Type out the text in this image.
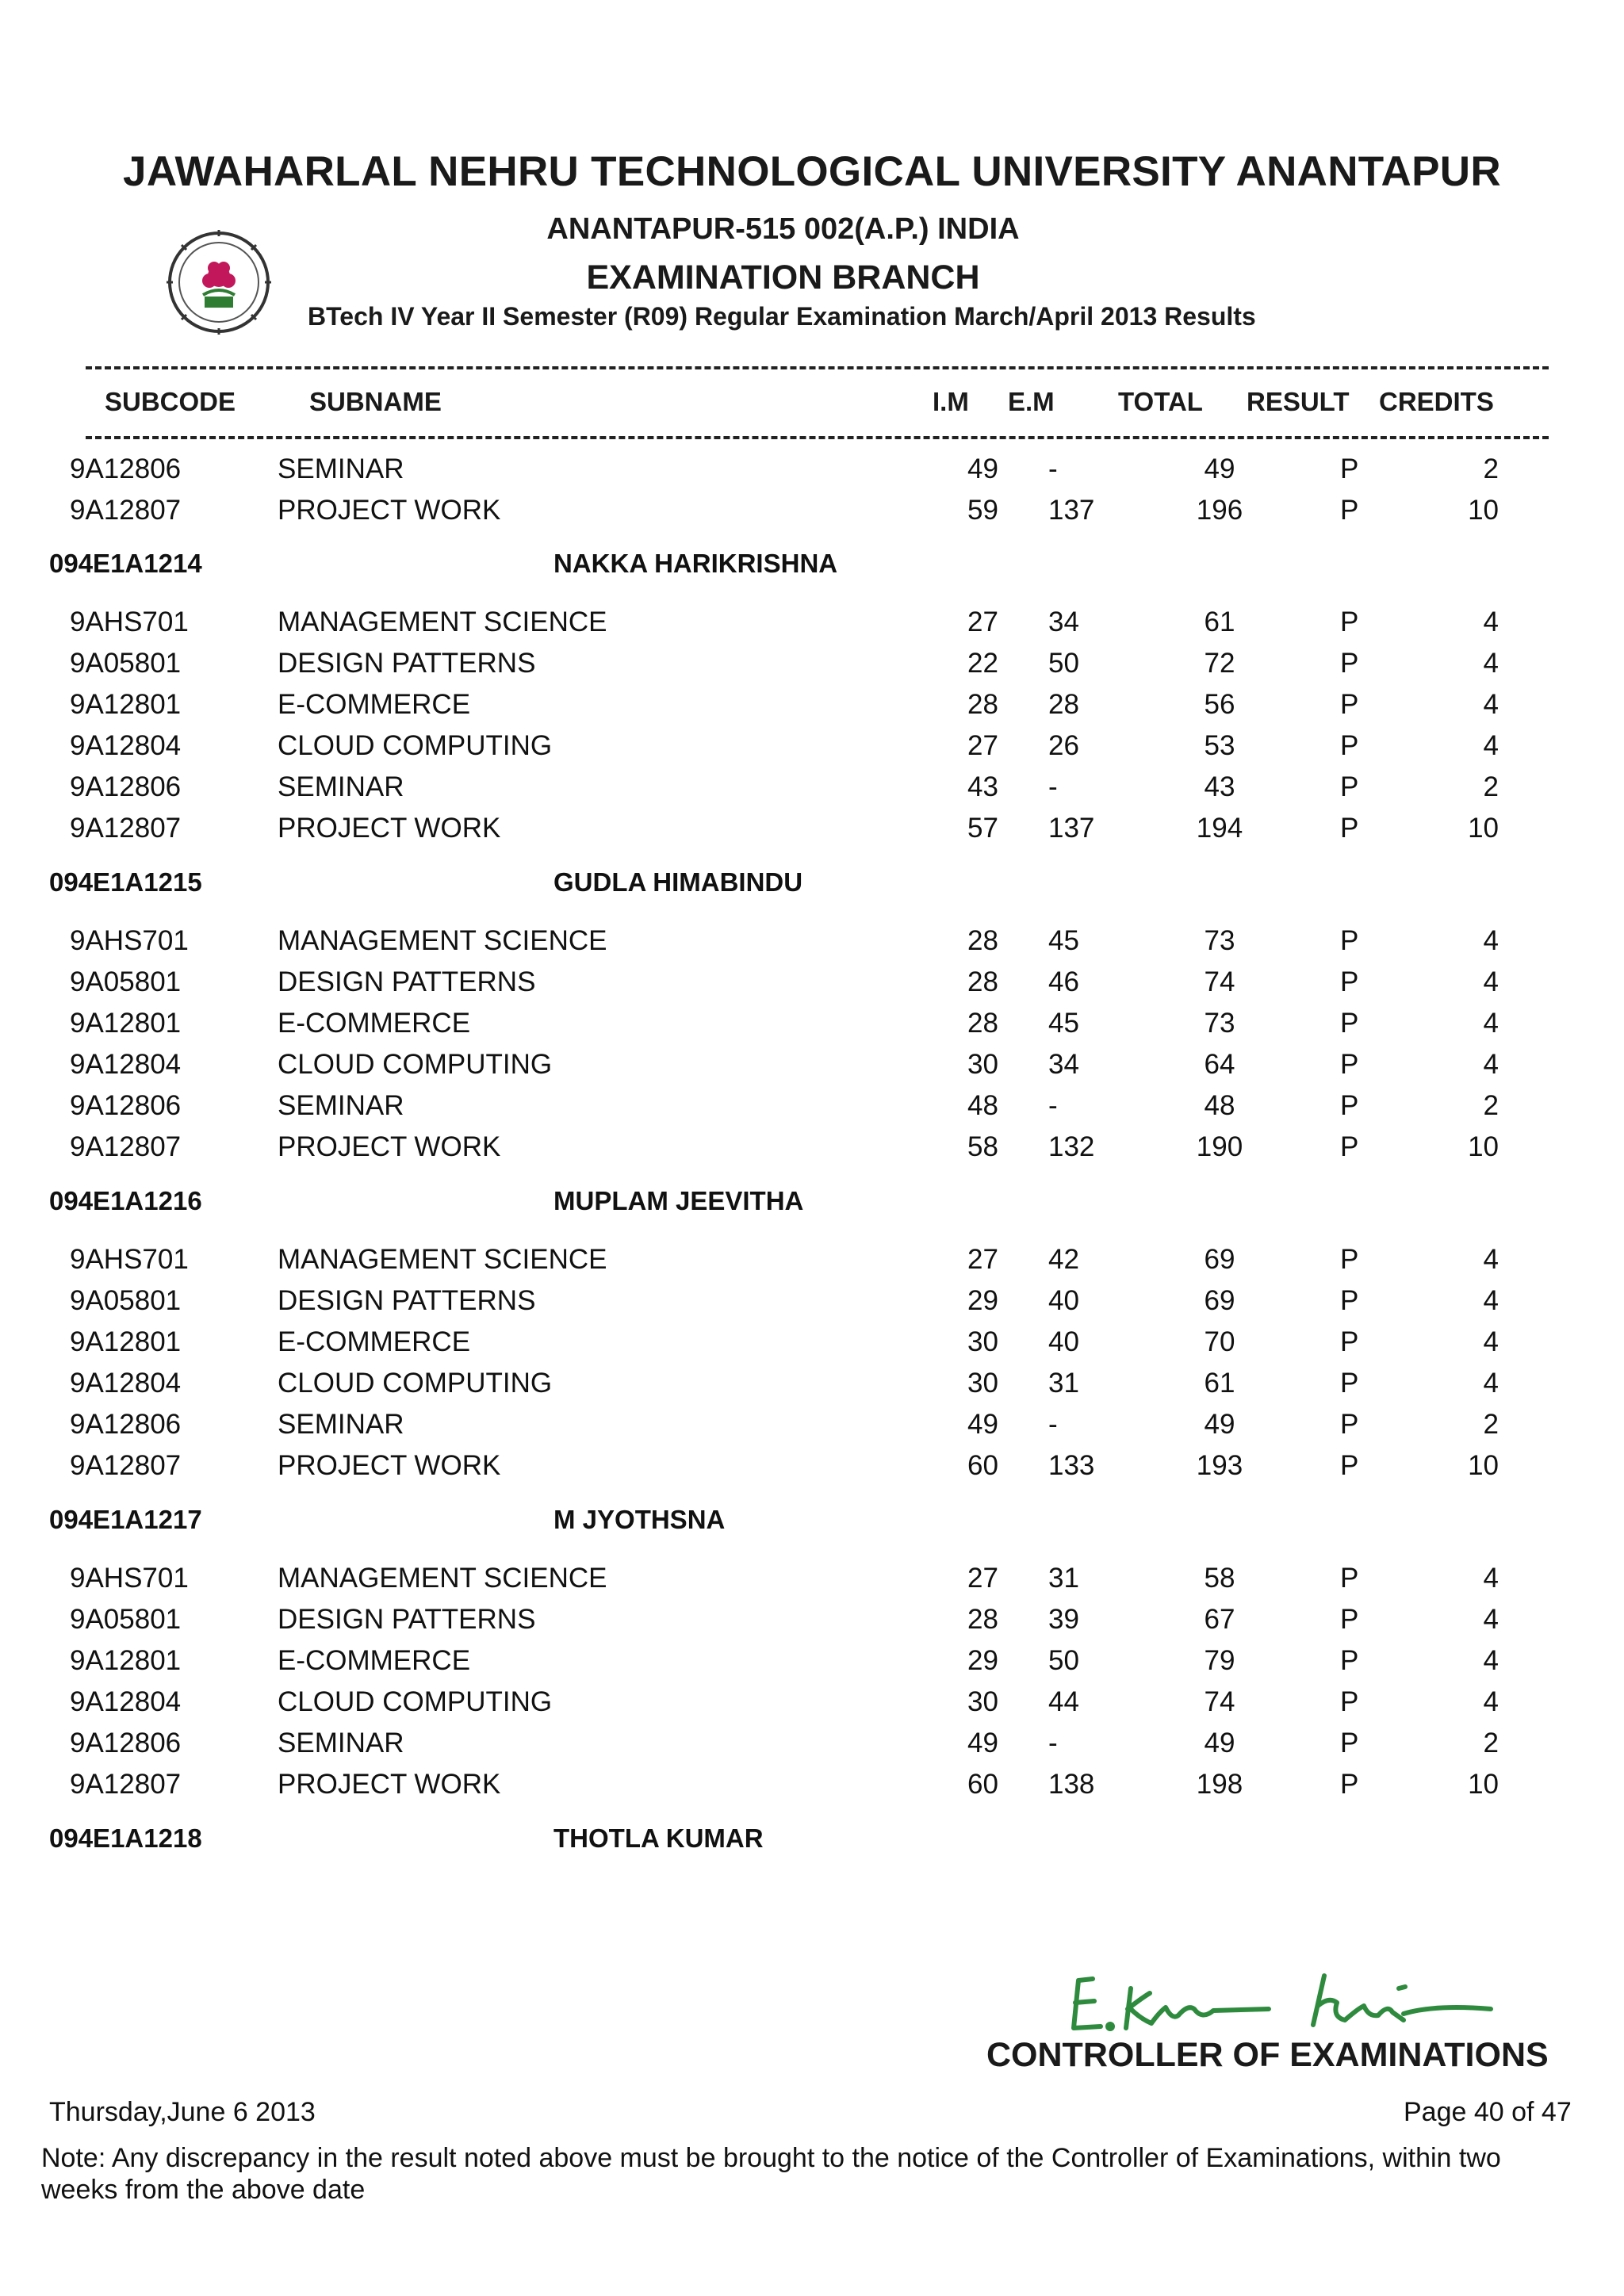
JAWAHARLAL NEHRU TECHNOLOGICAL UNIVERSITY ANANTAPUR
ANANTAPUR-515 002(A.P.) INDIA
EXAMINATION BRANCH
BTech IV Year II Semester (R09) Regular Examination March/April 2013 Results
SUBCODE	SUBNAME	I.M E.M TOTAL RESULT CREDITS
9A12806	SEMINAR	49 -	49	P	2
9A12807	PROJECT WORK	59 137	196	P	10
094E1A1214	NAKKA HARIKRISHNA
9AHS701	MANAGEMENT SCIENCE	27 34	61	P	4
9A05801	DESIGN PATTERNS	22 50	72	P	4
9A12801	E-COMMERCE	28 28	56	P	4
9A12804	CLOUD COMPUTING	27 26	53	P	4
9A12806	SEMINAR	43 -	43	P	2
9A12807	PROJECT WORK	57 137	194	P	10
094E1A1215	GUDLA HIMABINDU
9AHS701	MANAGEMENT SCIENCE	28 45	73	P	4
9A05801	DESIGN PATTERNS	28 46	74	P	4
9A12801	E-COMMERCE	28 45	73	P	4
9A12804	CLOUD COMPUTING	30 34	64	P	4
9A12806	SEMINAR	48 -	48	P	2
9A12807	PROJECT WORK	58 132	190	P	10
094E1A1216	MUPLAM JEEVITHA
9AHS701	MANAGEMENT SCIENCE	27 42	69	P	4
9A05801	DESIGN PATTERNS	29 40	69	P	4
9A12801	E-COMMERCE	30 40	70	P	4
9A12804	CLOUD COMPUTING	30 31	61	P	4
9A12806	SEMINAR	49 -	49	P	2
9A12807	PROJECT WORK	60 133	193	P	10
094E1A1217	M JYOTHSNA
9AHS701	MANAGEMENT SCIENCE	27 31	58	P	4
9A05801	DESIGN PATTERNS	28 39	67	P	4
9A12801	E-COMMERCE	29 50	79	P	4
9A12804	CLOUD COMPUTING	30 44	74	P	4
9A12806	SEMINAR	49 -	49	P	2
9A12807	PROJECT WORK	60 138	198	P	10
094E1A1218	THOTLA KUMAR
CONTROLLER OF EXAMINATIONS
Thursday,June 6 2013	Page 40 of 47
Note: Any discrepancy in the result noted above must be brought to the notice of the Controller of Examinations, within two weeks from the above date
